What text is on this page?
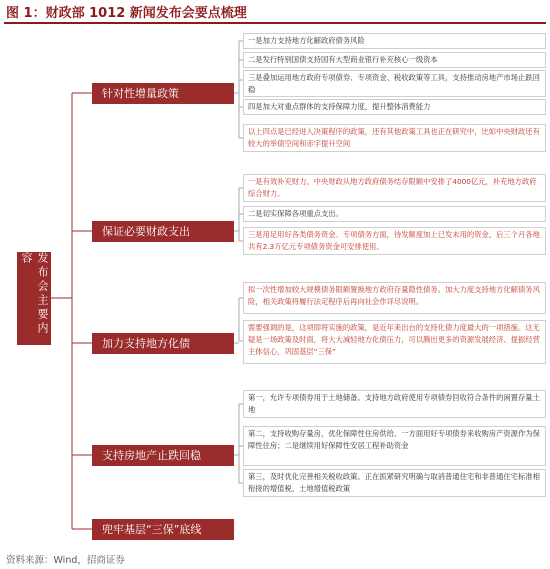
图 1：财政部 1012 新闻发布会要点梳理
发布会主要内容
针对性增量政策
保证必要财政支出
加力支持地方化债
支持房地产止跌回稳
兜牢基层“三保”底线
一是加力支持地方化解政府债务风险
二是发行特别国债支持国有大型商业银行补充核心一级资本
三是叠加运用地方政府专项债券、专项资金、税收政策等工具，支持推动房地产市场止跌回稳
四是加大对重点群体的支持保障力度，提升整体消费能力
以上四点是已经进入决策程序的政策，还有其他政策工具也正在研究中，比如中央财政还有较大的举债空间和赤字提升空间
一是有效补充财力。中央财政从地方政府债务结存限额中安排了4000亿元，补充地方政府综合财力。
二是切实保障各项重点支出。
三是用足用好各类债务资金。专项债务方面，待发额度加上已发未用的资金，后三个月各地共有2.3万亿元专项债务资金可安排使用。
拟一次性增加较大规模债务限额置换地方政府存量隐性债务。加大力度支持地方化解债务风险，相关政策将履行法定程序后再向社会作详尽说明。
需要强调的是，这项即将实施的政策，是近年来出台的支持化债力度最大的一项措施。这无疑是一场政策及时雨，将大大减轻地方化债压力，可以腾出更多的资源发展经济、提振经营主体信心，巩固基层“三保”
第一，允许专项债券用于土地储备。支持地方政府使用专项债券回收符合条件的闲置存量土地
第二，支持收购存量房，优化保障性住房供给。一方面用好专项债券来收购房产资源作为保障性住房；二是继续用好保障性安居工程补助资金
第三，及时优化完善相关税收政策。正在抓紧研究明确与取消普通住宅和非普通住宅标准相衔接的增值税、土地增值税政策
资料来源：Wind，招商证券
